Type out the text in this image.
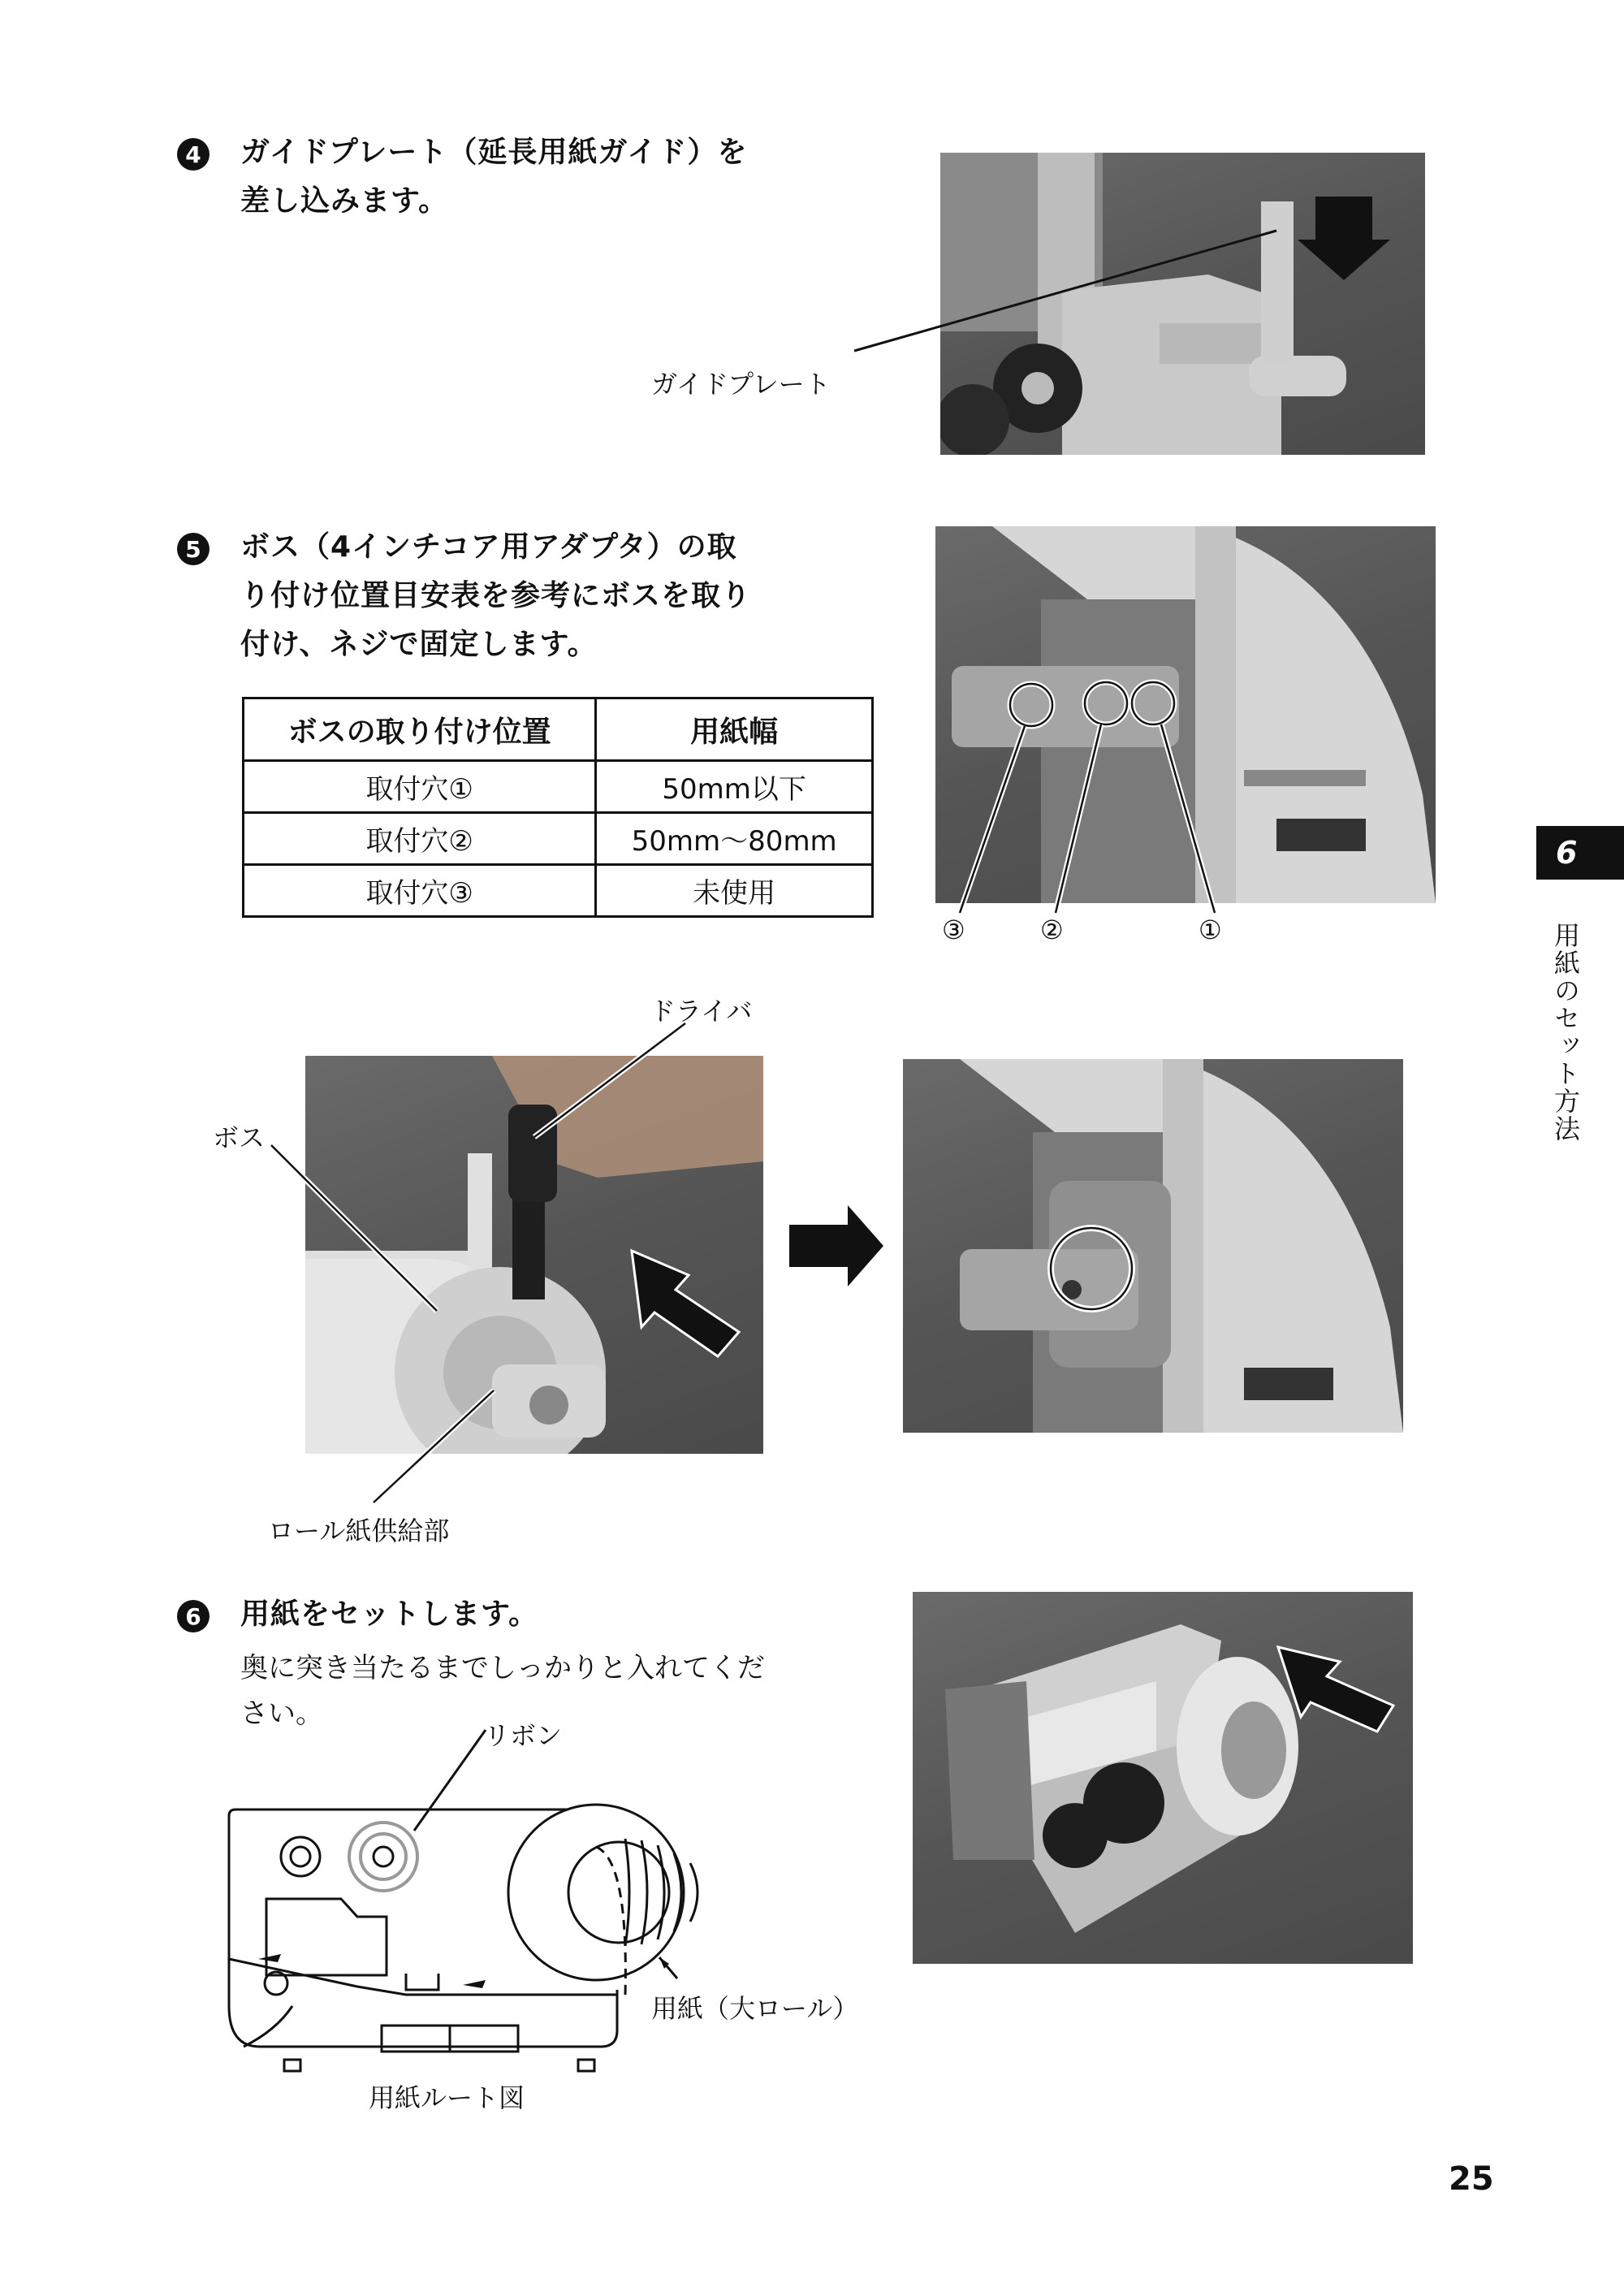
4 ガイドプレート（延長用紙ガイド）を
差し込みます。
ガイドプレート
5 ボス（4インチコア用アダプタ）の取
り付け位置目安表を参考にボスを取り
付け、ネジで固定します。
ボスの取り付け位置	用紙幅
取付穴①	50mm以下
取付穴②	50mm〜80mm
取付穴③	未使用
③	②	①
ドライバ
ボス
ロール紙供給部
6 用紙をセットします。
奥に突き当たるまでしっかりと入れてくだ
さい。
リボン
用紙（大ロール）
用紙ルート図
6
用紙のセット方法
25
